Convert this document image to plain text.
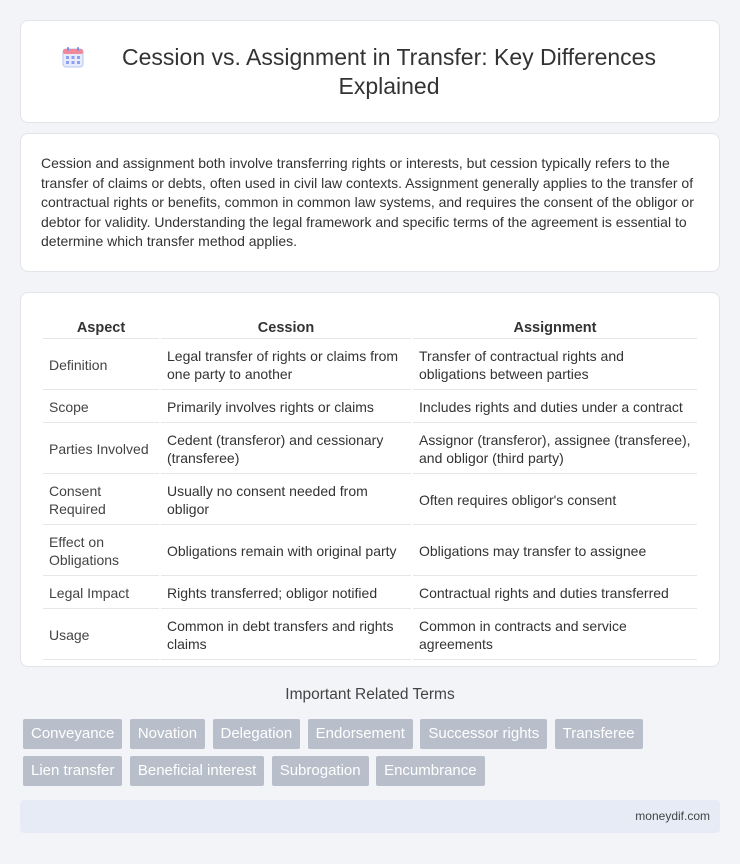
Cession vs. Assignment in Transfer: Key Differences Explained

Cession and assignment both involve transferring rights or interests, but cession typically refers to the transfer of claims or debts, often used in civil law contexts. Assignment generally applies to the transfer of contractual rights or benefits, common in common law systems, and requires the consent of the obligor or debtor for validity. Understanding the legal framework and specific terms of the agreement is essential to determine which transfer method applies.

Aspect	Cession	Assignment
Definition	Legal transfer of rights or claims from one party to another	Transfer of contractual rights and obligations between parties
Scope	Primarily involves rights or claims	Includes rights and duties under a contract
Parties Involved	Cedent (transferor) and cessionary (transferee)	Assignor (transferor), assignee (transferee), and obligor (third party)
Consent Required	Usually no consent needed from obligor	Often requires obligor's consent
Effect on Obligations	Obligations remain with original party	Obligations may transfer to assignee
Legal Impact	Rights transferred; obligor notified	Contractual rights and duties transferred
Usage	Common in debt transfers and rights claims	Common in contracts and service agreements
Important Related Terms
Conveyance Novation Delegation Endorsement Successor rights Transferee Lien transfer Beneficial interest Subrogation Encumbrance
moneydif.com
